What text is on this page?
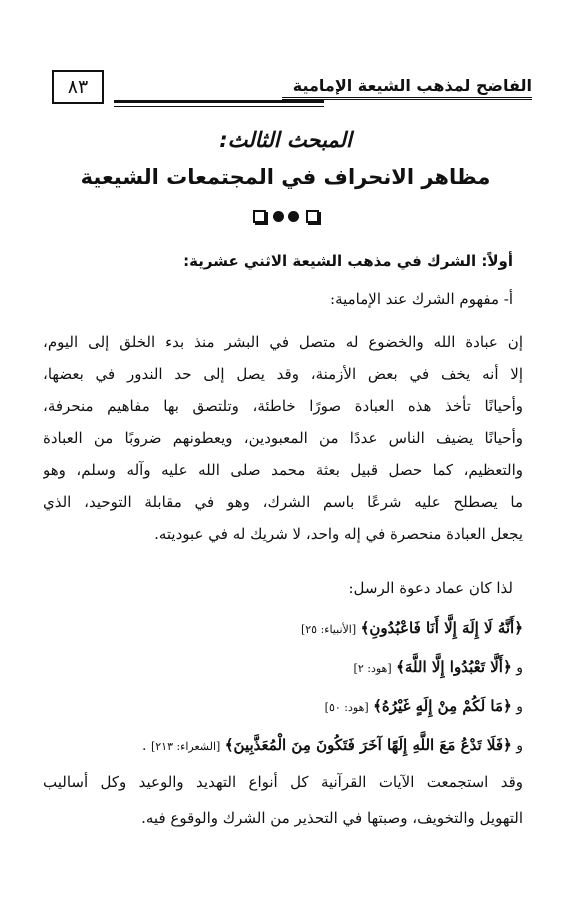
٨٣	الفاضح لمذهب الشيعة الإمامية
المبحث الثالث:
مظاهر الانحراف في المجتمعات الشيعية
أولاً: الشرك في مذهب الشيعة الاثني عشرية:
أ- مفهوم الشرك عند الإمامية:
إن عبادة الله والخضوع له متصل في البشر منذ بدء الخلق إلى اليوم،
إلا أنه يخف في بعض الأزمنة، وقد يصل إلى حد الندور في بعضها،
وأحيانًا تأخذ هذه العبادة صورًا خاطئة، وتلتصق بها مفاهيم منحرفة،
وأحيانًا يضيف الناس عددًا من المعبودين، ويعطونهم ضروبًا من العبادة
والتعظيم، كما حصل قبيل بعثة محمد صلى الله عليه وآله وسلم، وهو
ما يصطلح عليه شرعًا باسم الشرك، وهو في مقابلة التوحيد، الذي
يجعل العبادة منحصرة في إله واحد، لا شريك له في عبوديته.
لذا كان عماد دعوة الرسل:
﴿أَنَّهُ لَا إِلَهَ إِلَّا أَنَا فَاعْبُدُونِ﴾ [الأنبياء: ٢٥]
و ﴿أَلَّا تَعْبُدُوا إِلَّا اللَّهَ﴾ [هود: ٢]
و ﴿مَا لَكُمْ مِنْ إِلَهٍ غَيْرُهُ﴾ [هود: ٥٠]
و ﴿فَلَا تَدْعُ مَعَ اللَّهِ إِلَهًا آخَرَ فَتَكُونَ مِنَ الْمُعَذَّبِينَ﴾ [الشعراء: ٢١٣] .
وقد استجمعت الآيات القرآنية كل أنواع التهديد والوعيد وكل أساليب
التهويل والتخويف، وصبتها في التحذير من الشرك والوقوع فيه.
